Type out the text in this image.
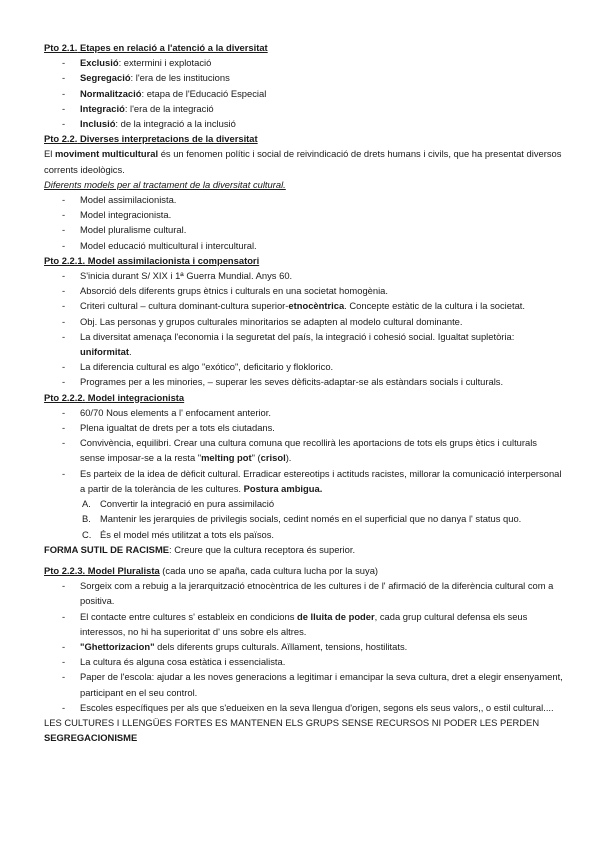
Pto 2.1. Etapes en relació a l'atenció a la diversitat
- Exclusió: extermini i explotació
- Segregació: l'era de les institucions
- Normalització: etapa de l'Educació Especial
- Integració: l'era de la integració
- Inclusió: de la integració a la inclusió
Pto 2.2. Diverses interpretacions de la diversitat
El moviment multicultural és un fenomen polític i social de reivindicació de drets humans i civils, que ha presentat diversos corrents ideològics.
Diferents models per al tractament de la diversitat cultural.
- Model assimilacionista.
- Model integracionista.
- Model pluralisme cultural.
- Model educació multicultural i intercultural.
Pto 2.2.1. Model assimilacionista i compensatori
- S'inicia durant S/ XIX i 1ª Guerra Mundial. Anys 60.
- Absorció dels diferents grups ètnics i culturals en una societat homogènia.
- Criteri cultural – cultura dominant-cultura superior-etnocèntrica. Concepte estàtic de la cultura i la societat.
- Obj. Las personas y grupos culturales minoritarios se adapten al modelo cultural dominante.
- La diversitat amenaça l'economia i la seguretat del país, la integració i cohesió social. Igualtat supletòria: uniformitat.
- La diferencia cultural es algo "exótico", deficitario y floklorico.
- Programes per a les minories, – superar les seves dèficits-adaptar-se als estàndars socials i culturals.
Pto 2.2.2. Model integracionista
- 60/70 Nous elements a l' enfocament anterior.
- Plena igualtat de drets per a tots els ciutadans.
- Convivència, equilibri. Crear una cultura comuna que recollirà les aportacions de tots els grups ètics i culturals sense imposar-se a la resta "melting pot" (crisol).
- Es parteix de la idea de dèficit cultural. Erradicar estereotips i actituds racistes, millorar la comunicació interpersonal a partir de la tolerància de les cultures. Postura ambigua.
A. Convertir la integració en pura assimilació
B. Mantenir les jerarquies de privilegis socials, cedint només en el superficial que no danya l' status quo.
C. És el model més utilitzat a tots els països.
FORMA SUTIL DE RACISME: Creure que la cultura receptora és superior.
Pto 2.2.3. Model Pluralista (cada uno se apaña, cada cultura lucha por la suya)
- Sorgeix com a rebuig a la jerarquització etnocèntrica de les cultures i de l' afirmació de la diferència cultural com a positiva.
- El contacte entre cultures s' estableix en condicions de lluita de poder, cada grup cultural defensa els seus interessos, no hi ha superioritat d' uns sobre els altres.
- "Ghettorizacion" dels diferents grups culturals. Aïllament, tensions, hostilitats.
- La cultura és alguna cosa estàtica i essencialista.
- Paper de l'escola: ajudar a les noves generacions a legitimar i emancipar la seva cultura, dret a elegir ensenyament, participant en el seu control.
- Escoles específiques per als que s'edueixen en la seva llengua d'origen, segons els seus valors,, o estil cultural....
LES CULTURES I LLENGÜES FORTES ES MANTENEN ELS GRUPS SENSE RECURSOS NI PODER LES PERDEN
SEGREGACIONISME
